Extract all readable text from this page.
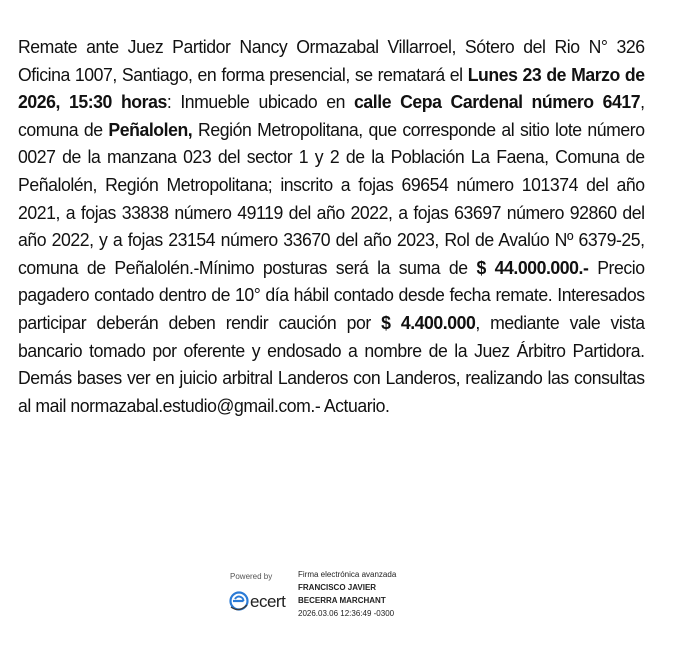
Remate ante Juez Partidor Nancy Ormazabal Villarroel, Sótero del Rio N° 326 Oficina 1007, Santiago, en forma presencial, se rematará el Lunes 23 de Marzo de 2026, 15:30 horas: Inmueble ubicado en calle Cepa Cardenal número 6417, comuna de Peñalolen, Región Metropolitana, que corresponde al sitio lote número 0027 de la manzana 023 del sector 1 y 2 de la Población La Faena, Comuna de Peñalolén, Región Metropolitana; inscrito a fojas 69654 número 101374 del año 2021, a fojas 33838 número 49119 del año 2022, a fojas 63697 número 92860 del año 2022, y a fojas 23154 número 33670 del año 2023, Rol de Avalúo Nº 6379-25, comuna de Peñalolén.-Mínimo posturas será la suma de $ 44.000.000.- Precio pagadero contado dentro de 10° día hábil contado desde fecha remate. Interesados participar deberán deben rendir caución por $ 4.400.000, mediante vale vista bancario tomado por oferente y endosado a nombre de la Juez Árbitro Partidora. Demás bases ver en juicio arbitral Landeros con Landeros, realizando las consultas al mail normazabal.estudio@gmail.com.- Actuario.
Powered by
ecert
Firma electrónica avanzada
FRANCISCO JAVIER
BECERRA MARCHANT
2026.03.06 12:36:49 -0300
